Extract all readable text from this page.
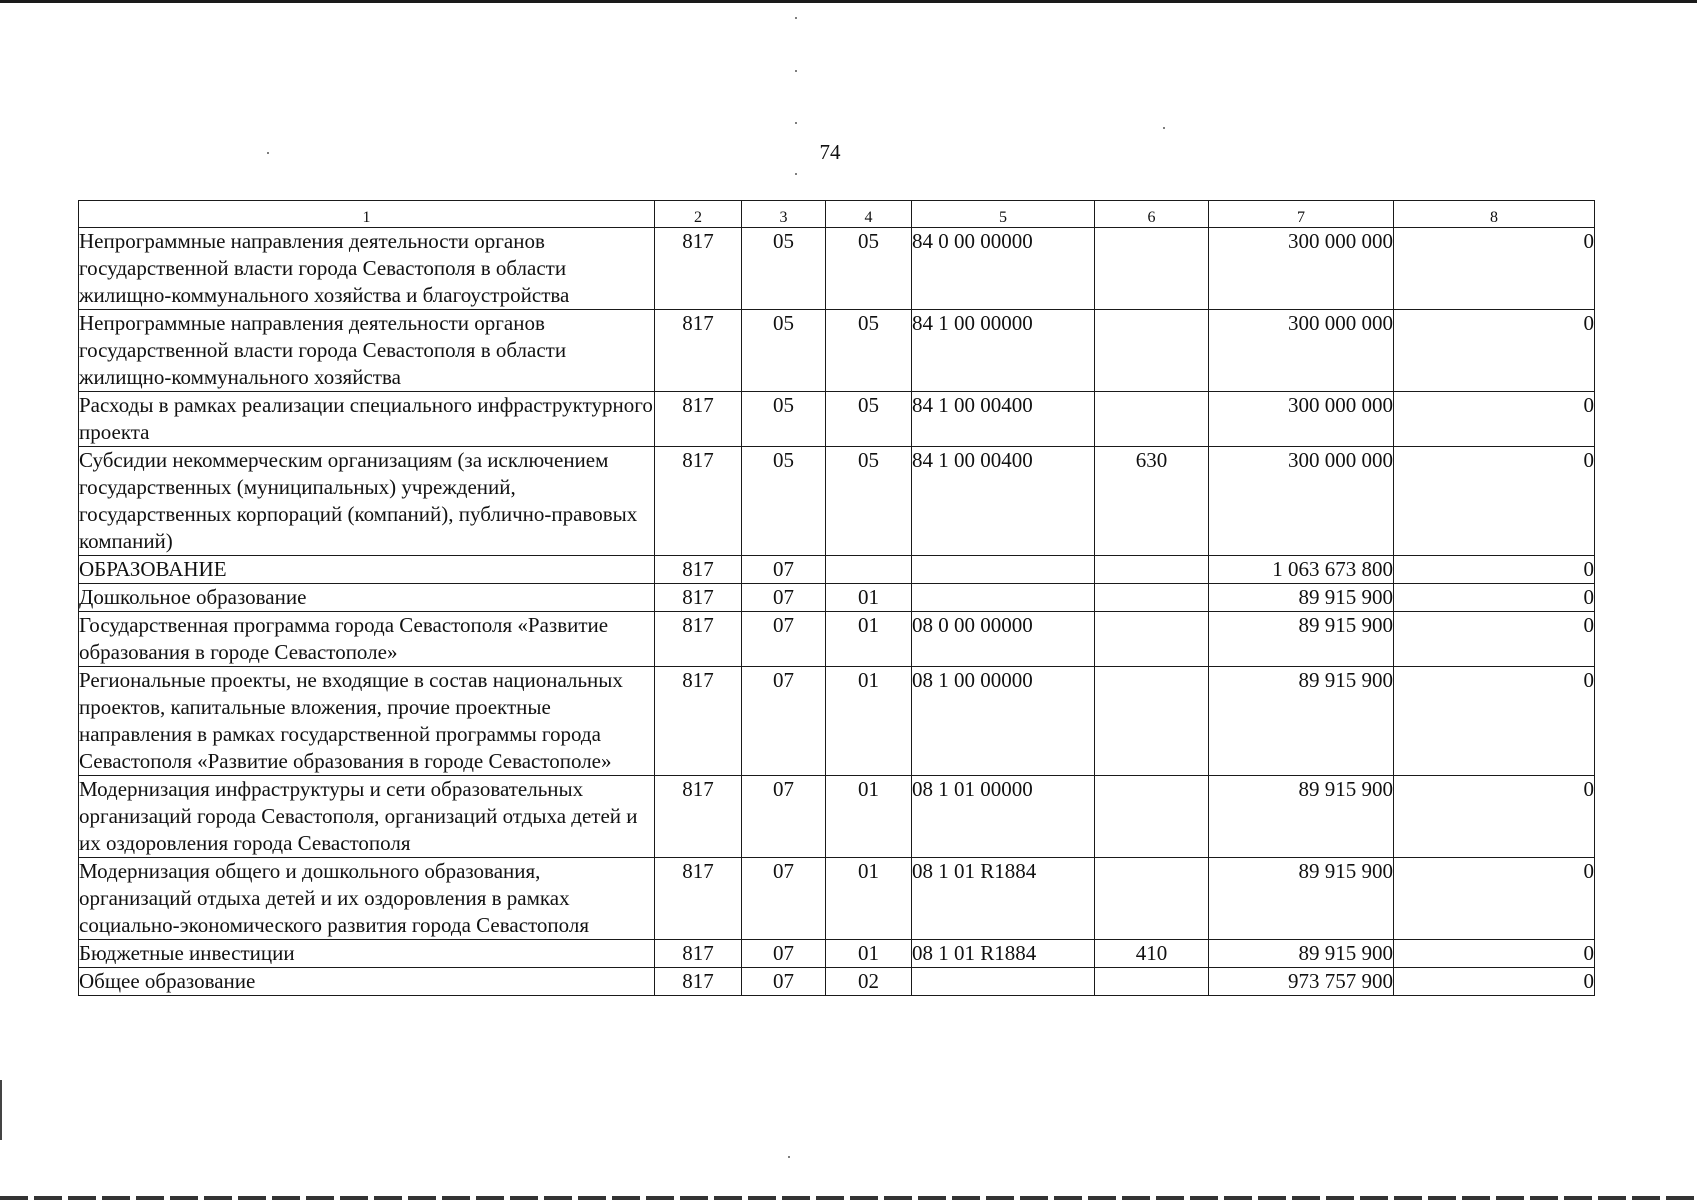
74
1	2	3	4	5	6	7	8
Непрограммные направления деятельности органов государственной власти города Севастополя в области жилищно-коммунального хозяйства и благоустройства	817	05	05	84 0 00 00000		300 000 000	0
Непрограммные направления деятельности органов государственной власти города Севастополя в области жилищно-коммунального хозяйства	817	05	05	84 1 00 00000		300 000 000	0
Расходы в рамках реализации специального инфраструктурного проекта	817	05	05	84 1 00 00400		300 000 000	0
Субсидии некоммерческим организациям (за исключением государственных (муниципальных) учреждений, государственных корпораций (компаний), публично-правовых компаний)	817	05	05	84 1 00 00400	630	300 000 000	0
ОБРАЗОВАНИЕ	817	07				1 063 673 800	0
Дошкольное образование	817	07	01			89 915 900	0
Государственная программа города Севастополя «Развитие образования в городе Севастополе»	817	07	01	08 0 00 00000		89 915 900	0
Региональные проекты, не входящие в состав национальных проектов, капитальные вложения, прочие проектные направления в рамках государственной программы города Севастополя «Развитие образования в городе Севастополе»	817	07	01	08 1 00 00000		89 915 900	0
Модернизация инфраструктуры и сети образовательных организаций города Севастополя, организаций отдыха детей и их оздоровления города Севастополя	817	07	01	08 1 01 00000		89 915 900	0
Модернизация общего и дошкольного образования, организаций отдыха детей и их оздоровления в рамках социально-экономического развития города Севастополя	817	07	01	08 1 01 R1884		89 915 900	0
Бюджетные инвестиции	817	07	01	08 1 01 R1884	410	89 915 900	0
Общее образование	817	07	02			973 757 900	0
